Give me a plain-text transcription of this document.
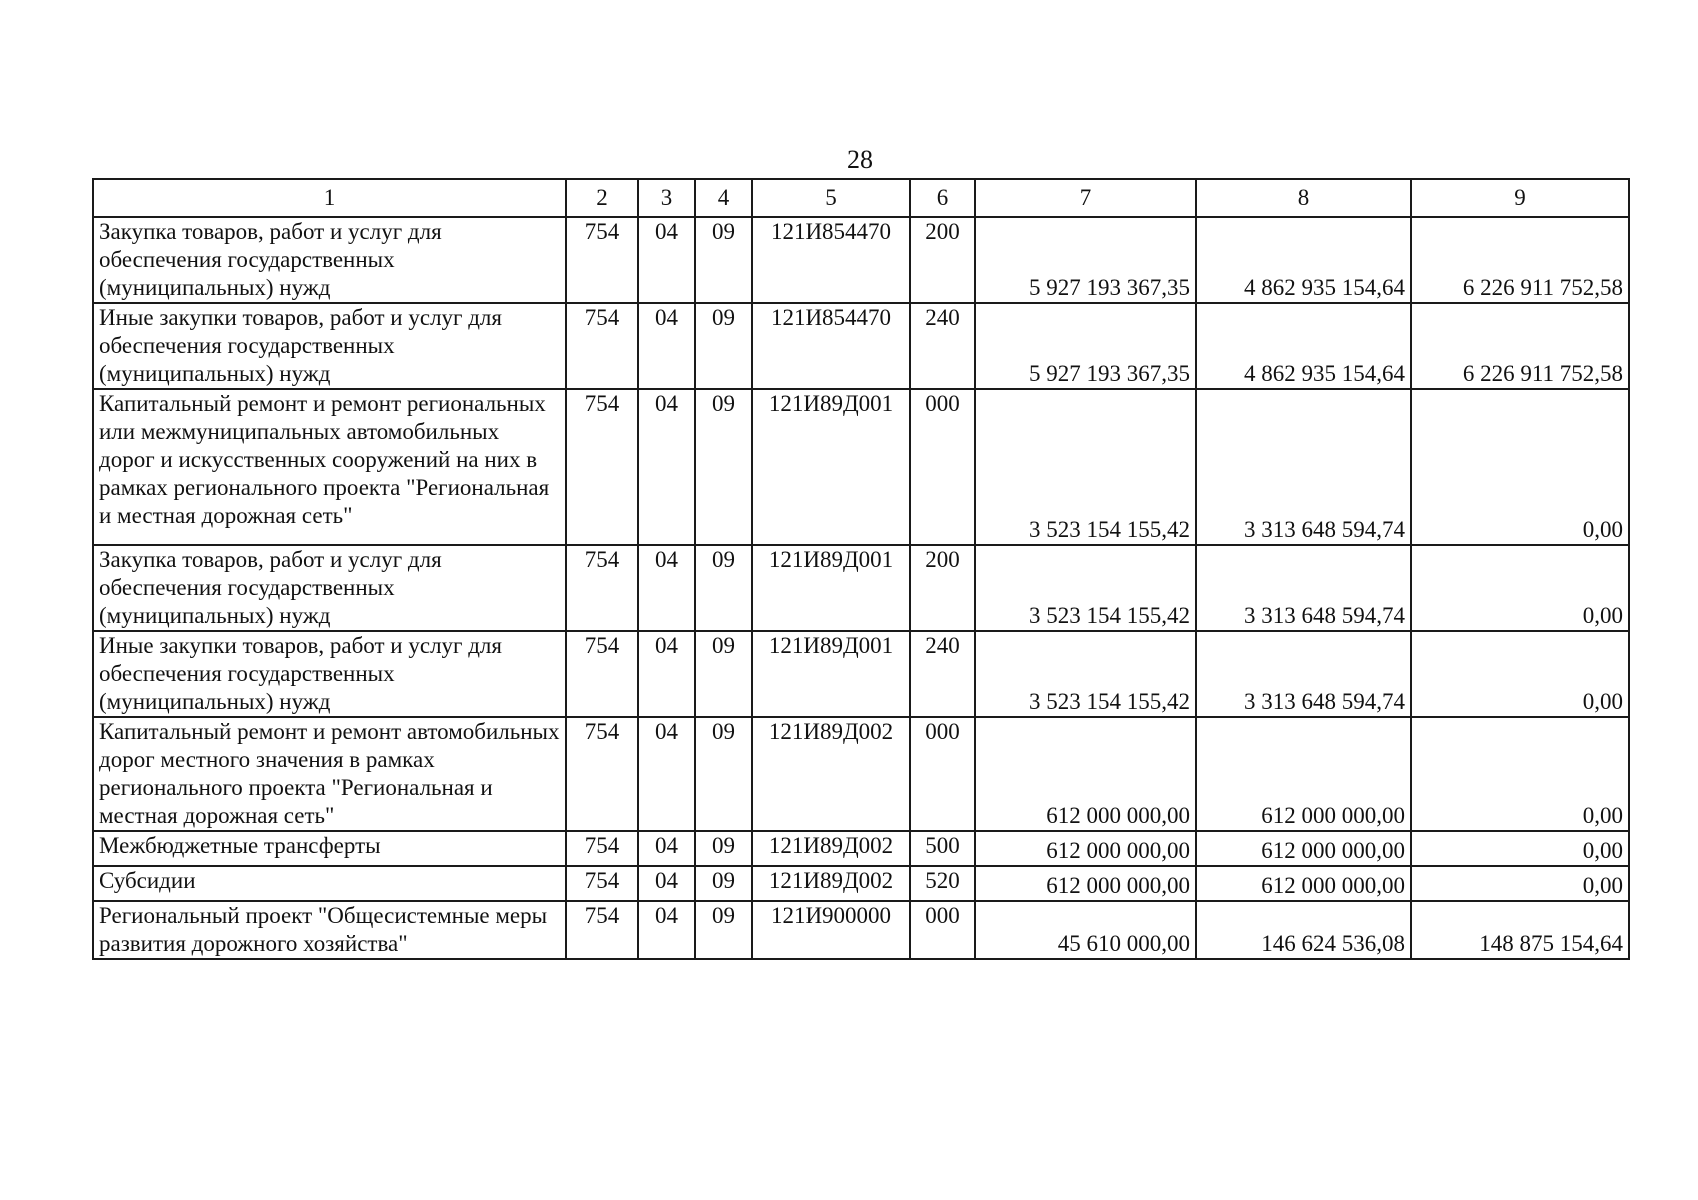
28
1	2	3	4	5	6	7	8	9
Закупка товаров, работ и услуг для обеспечения государственных (муниципальных) нужд	754	04	09	121И854470	200	5 927 193 367,35	4 862 935 154,64	6 226 911 752,58
Иные закупки товаров, работ и услуг для обеспечения государственных (муниципальных) нужд	754	04	09	121И854470	240	5 927 193 367,35	4 862 935 154,64	6 226 911 752,58
Капитальный ремонт и ремонт региональных или межмуниципальных автомобильных дорог и искусственных сооружений на них в рамках регионального проекта "Региональная и местная дорожная сеть"	754	04	09	121И89Д001	000	3 523 154 155,42	3 313 648 594,74	0,00
Закупка товаров, работ и услуг для обеспечения государственных (муниципальных) нужд	754	04	09	121И89Д001	200	3 523 154 155,42	3 313 648 594,74	0,00
Иные закупки товаров, работ и услуг для обеспечения государственных (муниципальных) нужд	754	04	09	121И89Д001	240	3 523 154 155,42	3 313 648 594,74	0,00
Капитальный ремонт и ремонт автомобильных дорог местного значения в рамках регионального проекта "Региональная и местная дорожная сеть"	754	04	09	121И89Д002	000	612 000 000,00	612 000 000,00	0,00
Межбюджетные трансферты	754	04	09	121И89Д002	500	612 000 000,00	612 000 000,00	0,00
Субсидии	754	04	09	121И89Д002	520	612 000 000,00	612 000 000,00	0,00
Региональный проект "Общесистемные меры развития дорожного хозяйства"	754	04	09	121И900000	000	45 610 000,00	146 624 536,08	148 875 154,64
